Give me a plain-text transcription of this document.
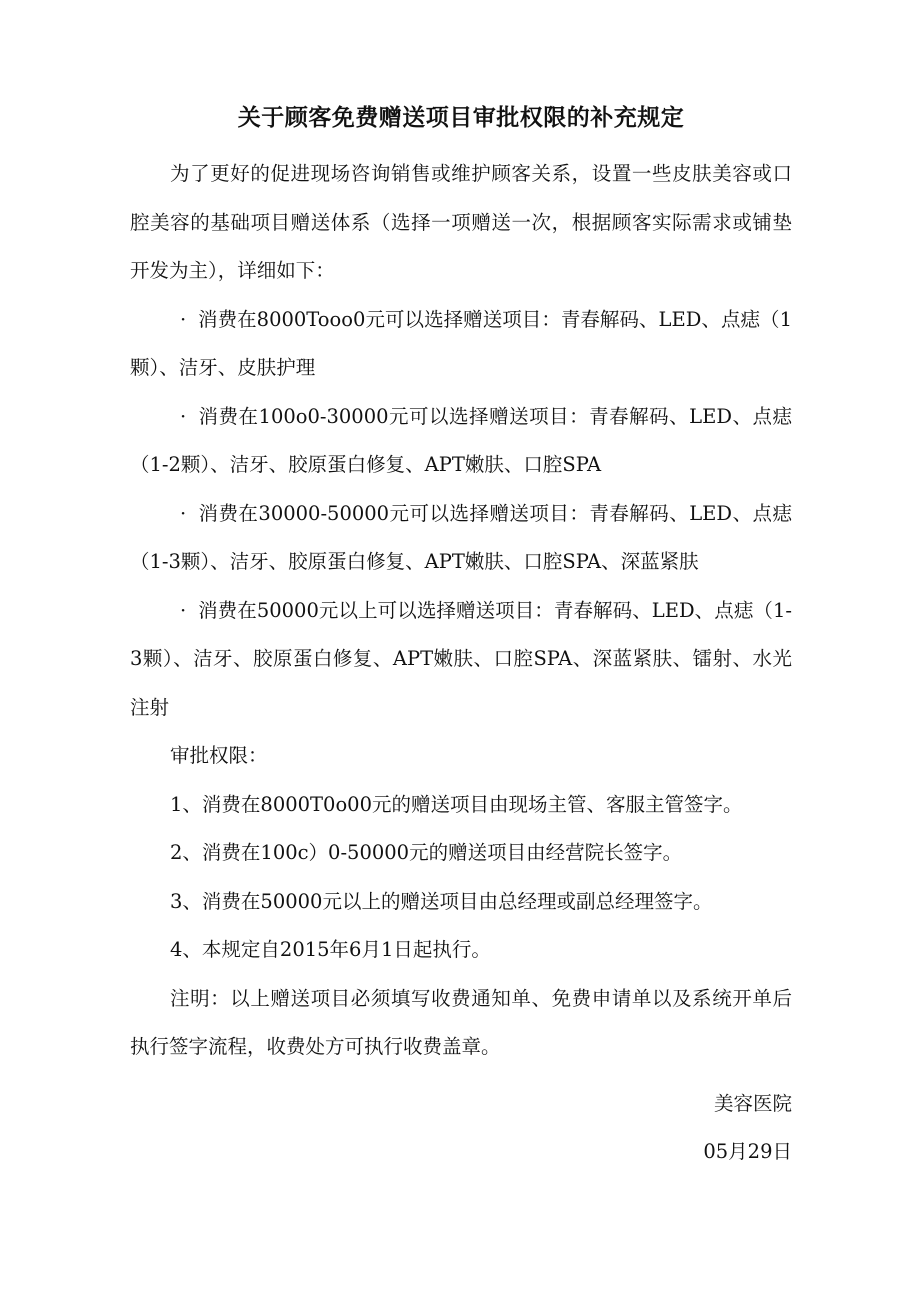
关于顾客免费赠送项目审批权限的补充规定

为了更好的促进现场咨询销售或维护顾客关系，设置一些皮肤美容或口腔美容的基础项目赠送体系（选择一项赠送一次，根据顾客实际需求或铺垫开发为主），详细如下：

· 消费在8000Tooo0元可以选择赠送项目：青春解码、LED、点痣（1颗）、洁牙、皮肤护理

· 消费在100o0-30000元可以选择赠送项目：青春解码、LED、点痣（1-2颗）、洁牙、胶原蛋白修复、APT嫩肤、口腔SPA

· 消费在30000-50000元可以选择赠送项目：青春解码、LED、点痣（1-3颗）、洁牙、胶原蛋白修复、APT嫩肤、口腔SPA、深蓝紧肤

· 消费在50000元以上可以选择赠送项目：青春解码、LED、点痣（1-3颗）、洁牙、胶原蛋白修复、APT嫩肤、口腔SPA、深蓝紧肤、镭射、水光注射

审批权限：

1、消费在8000T0o00元的赠送项目由现场主管、客服主管签字。

2、消费在100c）0-50000元的赠送项目由经营院长签字。

3、消费在50000元以上的赠送项目由总经理或副总经理签字。

4、本规定自2015年6月1日起执行。

注明：以上赠送项目必须填写收费通知单、免费申请单以及系统开单后执行签字流程，收费处方可执行收费盖章。

美容医院

05月29日
